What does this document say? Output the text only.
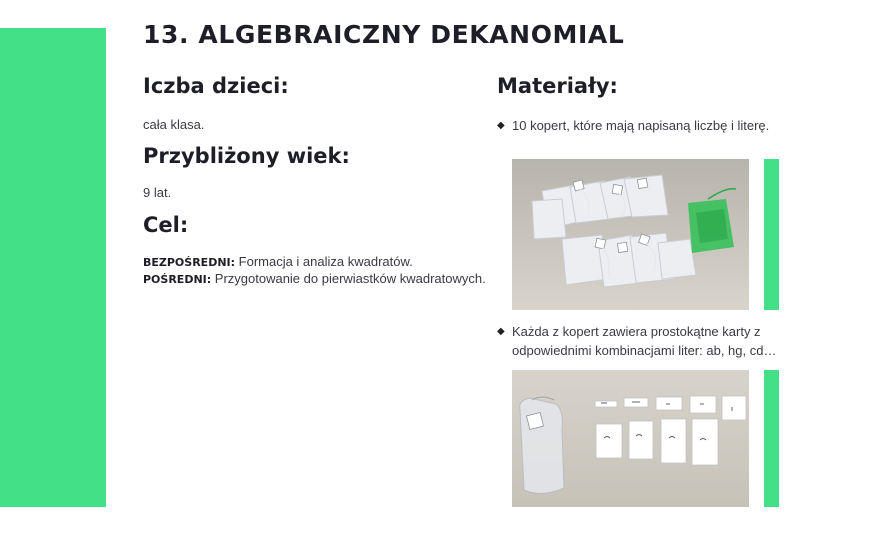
13. ALGEBRAICZNY DEKANOMIAL
Iczba dzieci:
cała klasa.
Przybliżony wiek:
9 lat.
Cel:
BEZPOŚREDNI: Formacja i analiza kwadratów.
POŚREDNI: Przygotowanie do pierwiastków kwadratowych.
Materiały:
◆ 10 kopert, które mają napisaną liczbę i literę.
◆ Każda z kopert zawiera prostokątne karty z
odpowiednimi kombinacjami liter: ab, hg, cd…
